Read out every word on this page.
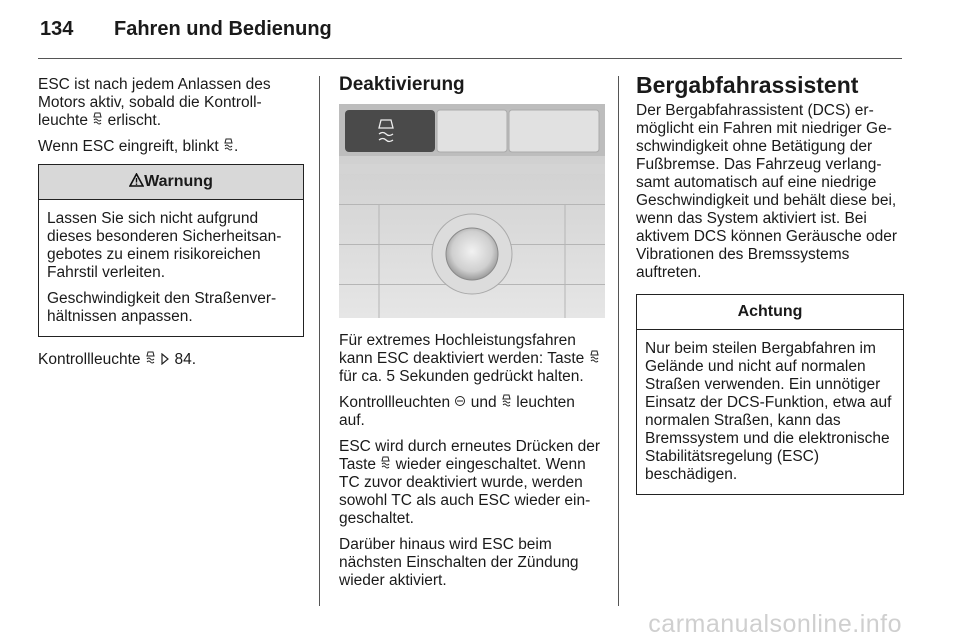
134 Fahren und Bedienung

ESC ist nach jedem Anlassen des Motors aktiv, sobald die Kontrollleuchte  erlischt.

Wenn ESC eingreift, blinkt .

Warnung

Lassen Sie sich nicht aufgrund dieses besonderen Sicherheitsangebotes zu einem risikoreichen Fahrstil verleiten.

Geschwindigkeit den Straßenverhältnissen anpassen.

Kontrollleuchte   84.

Deaktivierung

Für extremes Hochleistungsfahren kann ESC deaktiviert werden: Taste  für ca. 5 Sekunden gedrückt halten.

Kontrollleuchten  und  leuchten auf.

ESC wird durch erneutes Drücken der Taste  wieder eingeschaltet. Wenn TC zuvor deaktiviert wurde, werden sowohl TC als auch ESC wieder eingeschaltet.

Darüber hinaus wird ESC beim nächsten Einschalten der Zündung wieder aktiviert.

Bergabfahrassistent

Der Bergabfahrassistent (DCS) ermöglicht ein Fahren mit niedriger Geschwindigkeit ohne Betätigung der Fußbremse. Das Fahrzeug verlangsamt automatisch auf eine niedrige Geschwindigkeit und behält diese bei, wenn das System aktiviert ist. Bei aktivem DCS können Geräusche oder Vibrationen des Bremssystems auftreten.

Achtung

Nur beim steilen Bergabfahren im Gelände und nicht auf normalen Straßen verwenden. Ein unnötiger Einsatz der DCS-Funktion, etwa auf normalen Straßen, kann das Bremssystem und die elektronische Stabilitätsregelung (ESC) beschädigen.

carmanualsonline.info
